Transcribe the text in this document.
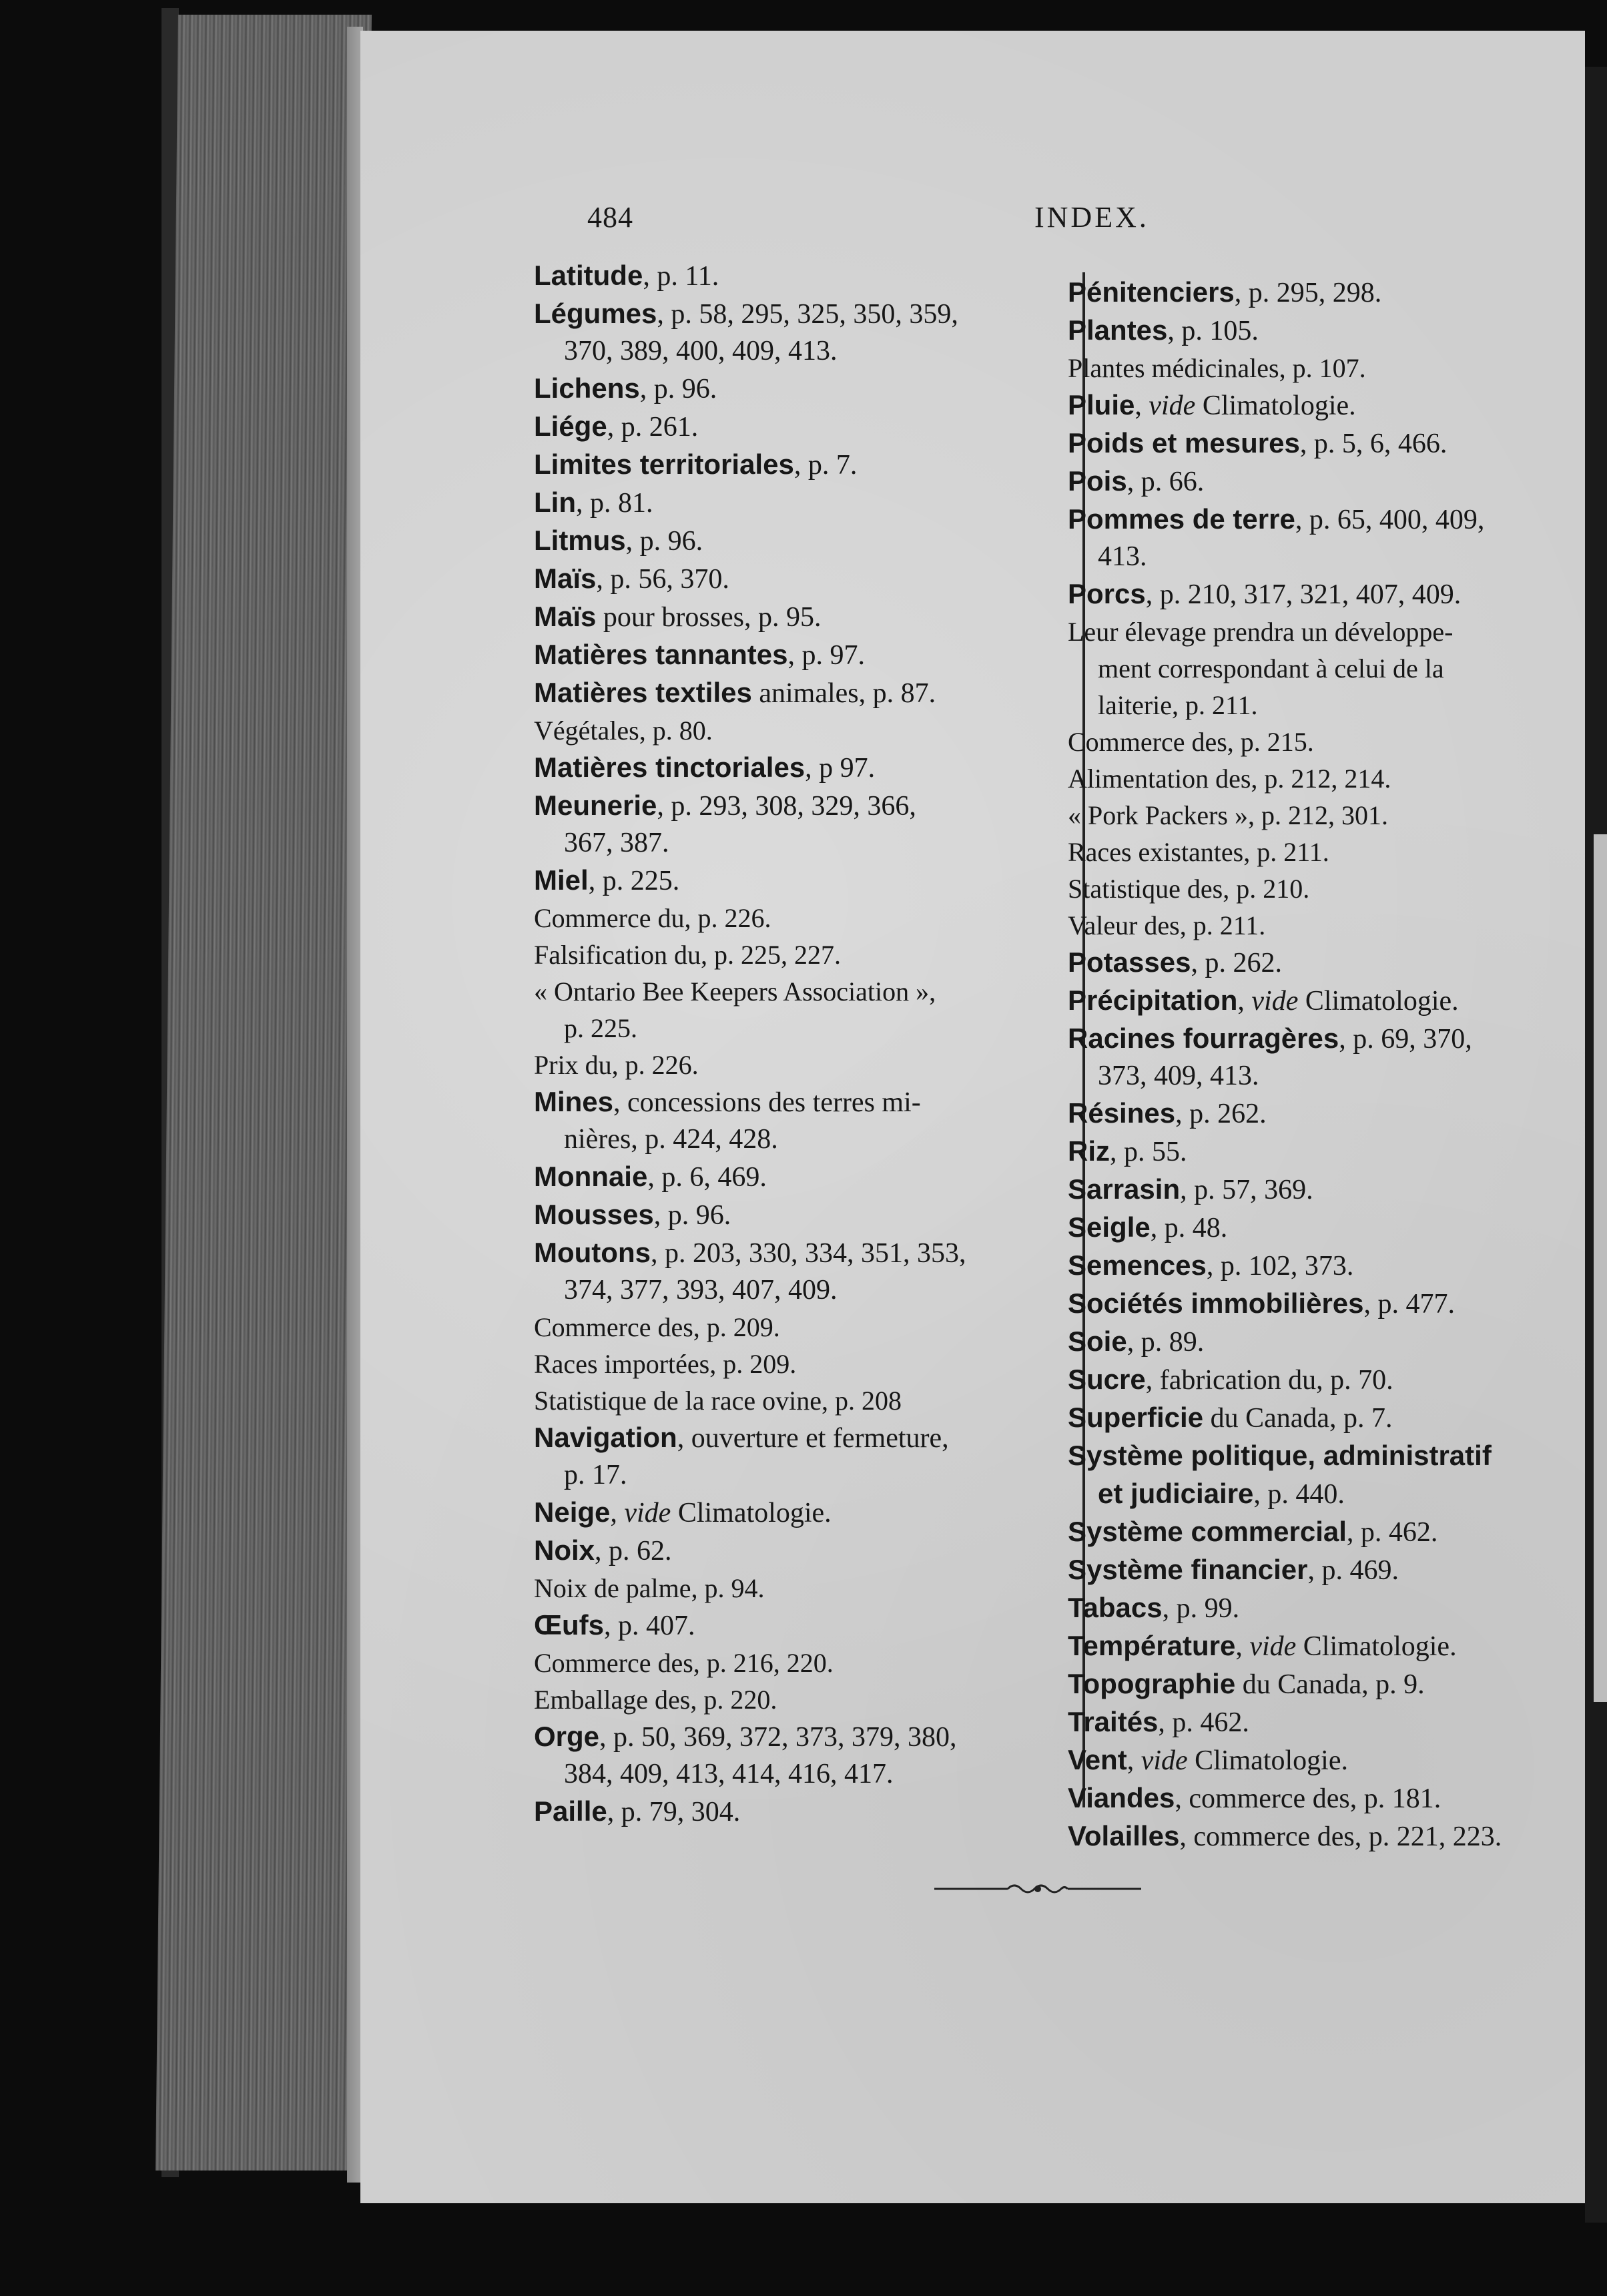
484	INDEX.
Latitude, p. 11.
Légumes, p. 58, 295, 325, 350, 359,
370, 389, 400, 409, 413.
Lichens, p. 96.
Liége, p. 261.
Limites territoriales, p. 7.
Lin, p. 81.
Litmus, p. 96.
Maïs, p. 56, 370.
Maïs pour brosses, p. 95.
Matières tannantes, p. 97.
Matières textiles animales, p. 87.
Végétales, p. 80.
Matières tinctoriales, p 97.
Meunerie, p. 293, 308, 329, 366,
367, 387.
Miel, p. 225.
Commerce du, p. 226.
Falsification du, p. 225, 227.
« Ontario Bee Keepers Association »,
p. 225.
Prix du, p. 226.
Mines, concessions des terres mi-
nières, p. 424, 428.
Monnaie, p. 6, 469.
Mousses, p. 96.
Moutons, p. 203, 330, 334, 351, 353,
374, 377, 393, 407, 409.
Commerce des, p. 209.
Races importées, p. 209.
Statistique de la race ovine, p. 208
Navigation, ouverture et fermeture,
p. 17.
Neige, vide Climatologie.
Noix, p. 62.
Noix de palme, p. 94.
Œufs, p. 407.
Commerce des, p. 216, 220.
Emballage des, p. 220.
Orge, p. 50, 369, 372, 373, 379, 380,
384, 409, 413, 414, 416, 417.
Paille, p. 79, 304.
Pénitenciers, p. 295, 298.
Plantes, p. 105.
Plantes médicinales, p. 107.
Pluie, vide Climatologie.
Poids et mesures, p. 5, 6, 466.
Pois, p. 66.
Pommes de terre, p. 65, 400, 409,
413.
Porcs, p. 210, 317, 321, 407, 409.
Leur élevage prendra un développe-
ment correspondant à celui de la
laiterie, p. 211.
Commerce des, p. 215.
Alimentation des, p. 212, 214.
« Pork Packers », p. 212, 301.
Races existantes, p. 211.
Statistique des, p. 210.
Valeur des, p. 211.
Potasses, p. 262.
Précipitation, vide Climatologie.
Racines fourragères, p. 69, 370,
373, 409, 413.
Résines, p. 262.
Riz, p. 55.
Sarrasin, p. 57, 369.
Seigle, p. 48.
Semences, p. 102, 373.
Sociétés immobilières, p. 477.
Soie, p. 89.
Sucre, fabrication du, p. 70.
Superficie du Canada, p. 7.
Système politique, administratif
et judiciaire, p. 440.
Système commercial, p. 462.
Système financier, p. 469.
Tabacs, p. 99.
Température, vide Climatologie.
Topographie du Canada, p. 9.
Traités, p. 462.
Vent, vide Climatologie.
Viandes, commerce des, p. 181.
Volailles, commerce des, p. 221, 223.
